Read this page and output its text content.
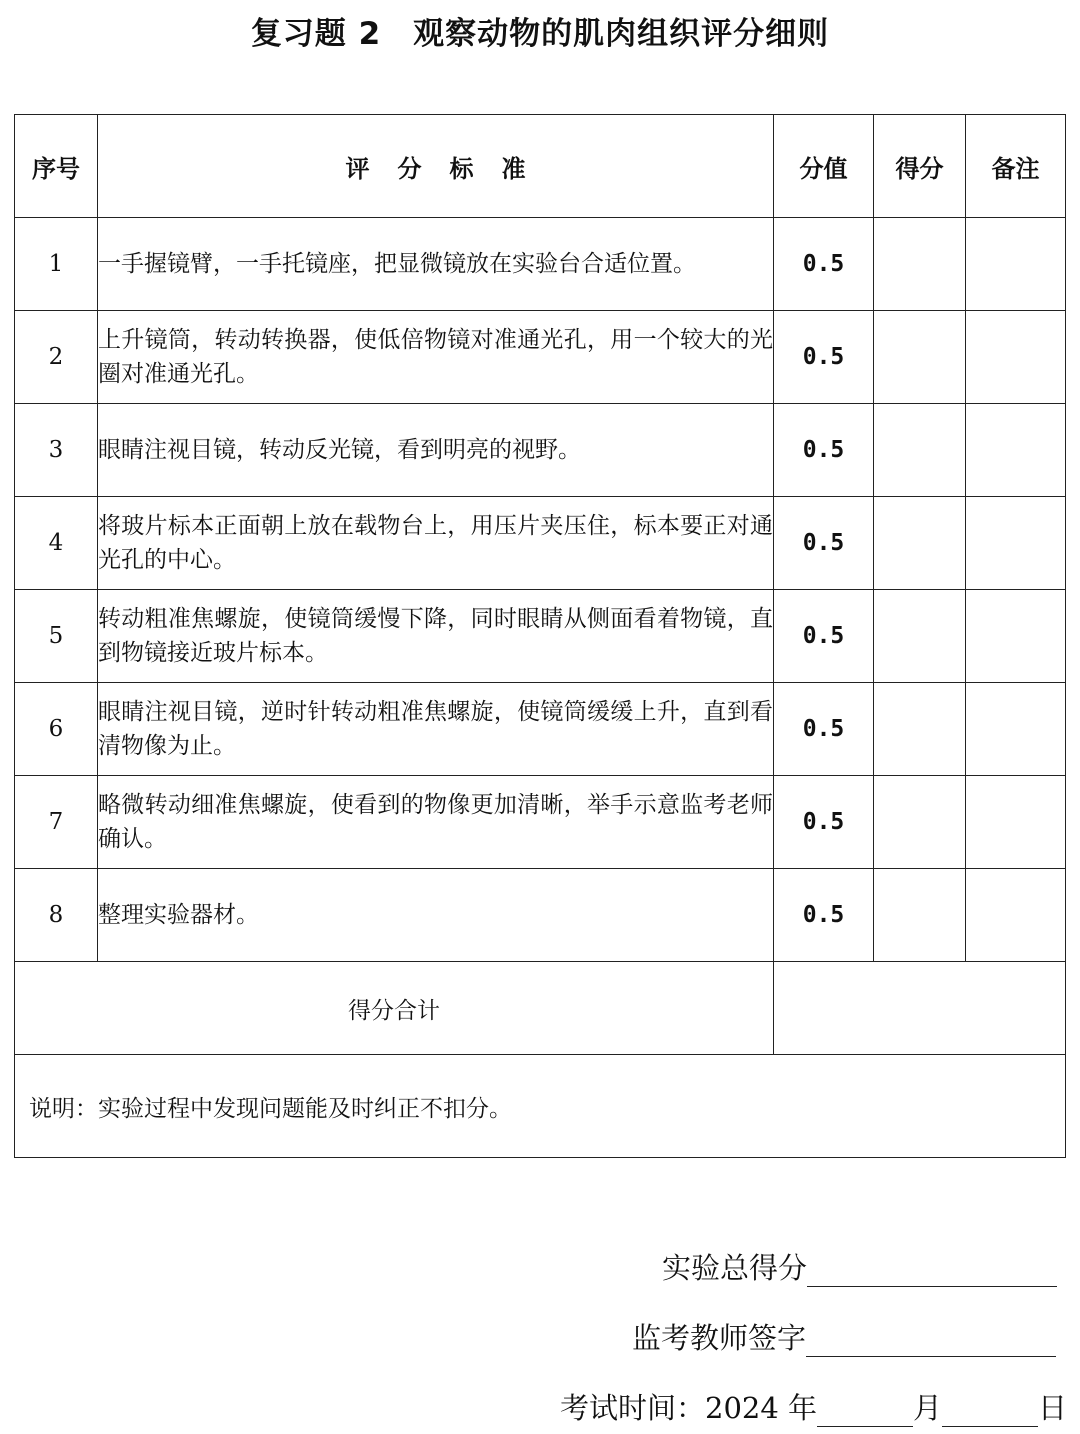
复习题 2　观察动物的肌肉组织评分细则
序号	评分标准	分值	得分	备注
1	一手握镜臂，一手托镜座，把显微镜放在实验台合适位置。	0.5		
2	上升镜筒，转动转换器，使低倍物镜对准通光孔，用一个较大的光圈对准通光孔。	0.5		
3	眼睛注视目镜，转动反光镜，看到明亮的视野。	0.5		
4	将玻片标本正面朝上放在载物台上，用压片夹压住，标本要正对通光孔的中心。	0.5		
5	转动粗准焦螺旋，使镜筒缓慢下降，同时眼睛从侧面看着物镜，直到物镜接近玻片标本。	0.5		
6	眼睛注视目镜，逆时针转动粗准焦螺旋，使镜筒缓缓上升，直到看清物像为止。	0.5		
7	略微转动细准焦螺旋，使看到的物像更加清晰，举手示意监考老师确认。	0.5		
8	整理实验器材。	0.5		
得分合计				
说明：实验过程中发现问题能及时纠正不扣分。				
实验总得分
监考教师签字
考试时间：2024 年	月	日
